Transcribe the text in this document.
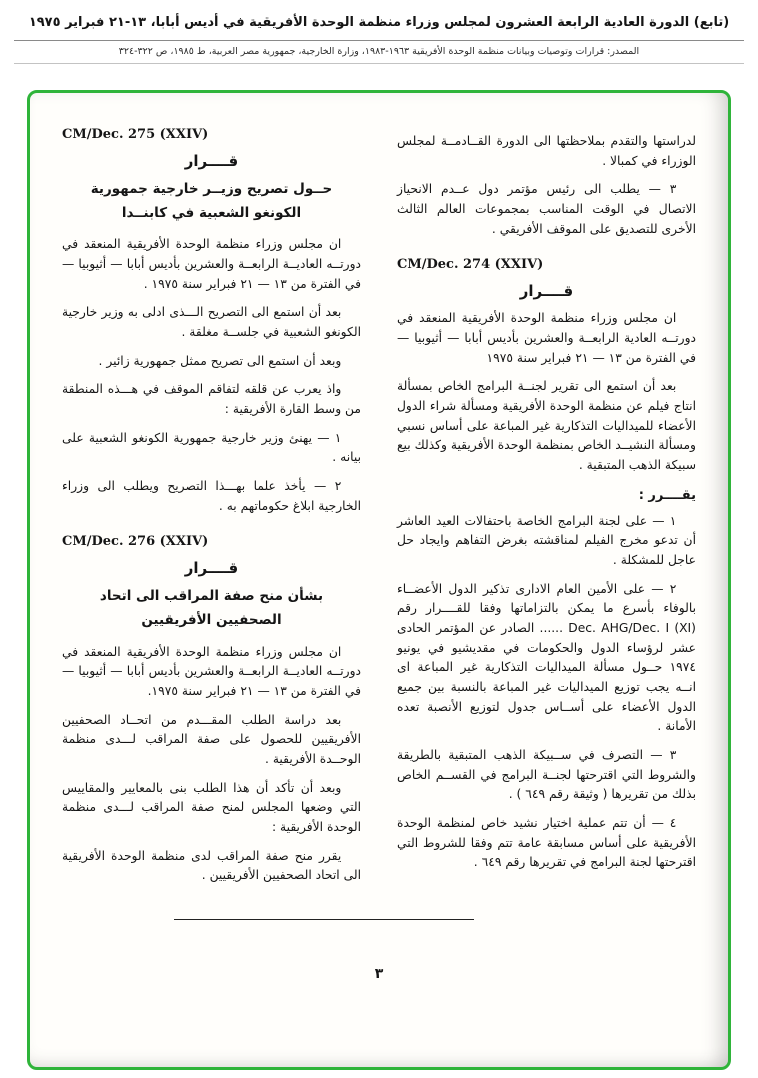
(تابع) الدورة العادية الرابعة العشرون لمجلس وزراء منظمة الوحدة الأفريقية في أديس أبابا، ١٣-٢١ فبراير ١٩٧٥
المصدر: قرارات وتوصيات وبيانات منظمة الوحدة الأفريقية ١٩٦٣-١٩٨٣، وزارة الخارجية، جمهورية مصر العربية، ط ١٩٨٥، ص ٣٢٢-٣٢٤

لدراستها والتقدم بملاحظتها الى الدورة القــادمــة لمجلس الوزراء في كمبالا .

٣ — يطلب الى رئيس مؤتمر دول عــدم الانحياز الاتصال في الوقت المناسب بمجموعات العالم الثالث الأخرى للتصديق على الموقف الأفريقي .

CM/Dec. 274 (XXIV)
قــــرار

ان مجلس وزراء منظمة الوحدة الأفريقية المنعقد في دورتــه العادية الرابعــة والعشرين بأديس أبابا — أثيوبيا — في الفترة من ١٣ — ٢١ فبراير سنة ١٩٧٥

بعد أن استمع الى تقرير لجنــة البرامج الخاص بمسألة انتاج فيلم عن منظمة الوحدة الأفريقية ومسألة شراء الدول الأعضاء للميداليات التذكارية غير المباعة على أساس نسبي ومسألة النشيــد الخاص بمنظمة الوحدة الأفريقية وكذلك بيع سبيكة الذهب المتبقية .

يقــــرر :

١ — على لجنة البرامج الخاصة باحتفالات العيد العاشر أن تدعو مخرج الفيلم لمناقشته بغرض التفاهم وايجاد حل عاجل للمشكلة .

٢ — على الأمين العام الادارى تذكير الدول الأعضــاء بالوفاء بأسرع ما يمكن بالتزاماتها وفقا للقــــرار رقم (Dec. AHG/Dec. I (XI ...... الصادر عن المؤتمر الحادى عشر لرؤساء الدول والحكومات في مقديشيو في يونيو ١٩٧٤ حــول مسألة الميداليات التذكارية غير المباعة اى انــه يجب توزيع الميداليات غير المباعة بالنسبة بين جميع الدول الأعضاء على أســاس جدول لتوزيع الأنصبة تعده الأمانة .

٣ — التصرف في ســبيكة الذهب المتبقية بالطريقة والشروط التي اقترحتها لجنــة البرامج في القســم الخاص بذلك من تقريرها ( وثيقة رقم ٦٤٩ ) .

٤ — أن تتم عملية اختيار نشيد خاص لمنظمة الوحدة الأفريقية على أساس مسابقة عامة تتم وفقا للشروط التي اقترحتها لجنة البرامج في تقريرها رقم ٦٤٩ .

CM/Dec. 275 (XXIV)
قــــرار
حــول تصريح وزيــر خارجية جمهورية الكونغو الشعبية في كابنــدا

ان مجلس وزراء منظمة الوحدة الأفريقية المنعقد في دورتــه العاديــة الرابعــة والعشرين بأديس أبابا — أثيوبيا — في الفترة من ١٣ — ٢١ فبراير سنة ١٩٧٥ .

بعد أن استمع الى التصريح الـــذى ادلى به وزير خارجية الكونغو الشعبية في جلســة مغلقة .

وبعد أن استمع الى تصريح ممثل جمهورية زائير .

واذ يعرب عن قلقه لتفاقم الموقف في هـــذه المنطقة من وسط القارة الأفريقية :

١ — يهنئ وزير خارجية جمهورية الكونغو الشعبية على بيانه .

٢ — يأخذ علما بهـــذا التصريح ويطلب الى وزراء الخارجية ابلاغ حكوماتهم به .

CM/Dec. 276 (XXIV)
قــــرار
بشأن منح صفة المراقب الى اتحاد الصحفيين الأفريقيين

ان مجلس وزراء منظمة الوحدة الأفريقية المنعقد في دورتــه العاديــة الرابعــة والعشرين بأديس أبابا — أثيوبيا — في الفترة من ١٣ — ٢١ فبراير سنة ١٩٧٥.

بعد دراسة الطلب المقـــدم من اتحــاد الصحفيين الأفريقيين للحصول على صفة المراقب لـــدى منظمة الوحــدة الأفريقية .

وبعد أن تأكد أن هذا الطلب بنى بالمعايير والمقاييس التي وضعها المجلس لمنح صفة المراقب لـــدى منظمة الوحدة الأفريقية :

يقرر منح صفة المراقب لدى منظمة الوحدة الأفريقية الى اتحاد الصحفيين الأفريقيين .

٣
